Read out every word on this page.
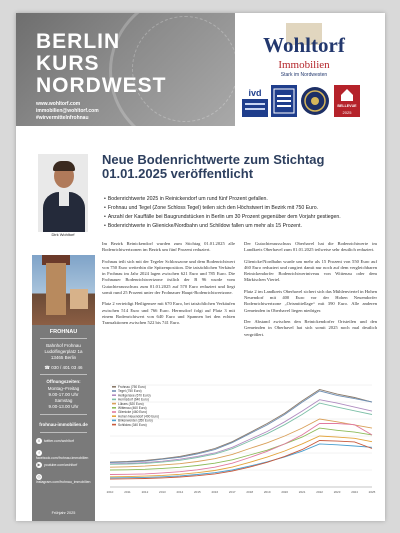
BERLIN
KURS
NORDWEST
www.wohltorf.com
immobilien@wohltorf.com
#wirvermittelnfrohnau
Wohltorf
Immobilien
Stark im Nordwesten
ivd
BELLEVUE
2025
Dirk Wohltorf
FROHNAU
Bahnhof Frohnau
Ludolfingerplatz 1a
13465 Berlin
☎ 030 / 401 03 46
Öffnungszeiten:
Montag–Freitag
9.00-17.00 Uhr
Samstag
9.00-13.00 Uhr
frohnau-immobilien.de
X twitter.com/wohltorf
ffacebook.com/frohnau.immobilien
▶ youtube.com/wohltorf
◎instagram.com/frohnau_immobilien
Frühjahr 2025
Neue Bodenrichtwerte zum Stichtag
01.01.2025 veröffentlicht
• Bodenrichtwerte 2025 in Reinickendorf um rund fünf Prozent gefallen.
• Frohnau und Tegel (Zone Schloss Tegel) teilen sich den Höchstwert im Bezirk mit 750 Euro.
• Anzahl der Kauffälle bei Baugrundstücken in Berlin um 30 Prozent gegenüber dem Vorjahr gestiegen.
• Bodenrichtwerte in Glienicke/Nordbahn und Schildow fallen um mehr als 15 Prozent.

Im Bezirk Reinickendorf wurden zum Stichtag 01.01.2025 alle Bodenrichtwertzonen im Bezirk um fünf Prozent reduziert.

Frohnau teilt sich mit der Tegeler Schlosszone und dem Bodenrichtwert von 750 Euro weiterhin die Spitzenposition. Die tatsächlichen Verkäufe in Frohnau im Jahr 2024 lagen zwischen 621 Euro und 785 Euro. Die Frohnauer Bodenrichtwertzone östlich der B 96 wurde vom Gutachterausschuss zum 01.01.2025 auf 570 Euro reduziert und liegt somit rund 25 Prozent unter der Frohnauer Haupt-Bodenrichtwertzone.

Platz 2 verteidigt Heiligensee mit 670 Euro, bei tatsächlichen Verkäufen zwischen 514 Euro und 766 Euro. Hermsdorf folgt auf Platz 3 mit einem Bodenrichtwert von 640 Euro und Spannen bei den echten Transaktionen zwischen 522 bis 741 Euro.

Der Gutachterausschuss Oberhavel hat die Bodenrichtwerte im Landkreis Oberhavel zum 01.01.2025 teilweise sehr deutlich reduziert.

Glienicke/Nordbahn wurde um mehr als 15 Prozent von 550 Euro auf 460 Euro reduziert und rangiert damit nur noch auf dem vergleichbaren Reinickendorfer Bodenrichtwertniveau von Wittenau oder dem Märkischen Viertel.

Platz 2 im Landkreis Oberhavel sichert sich das Mühlenviertel in Hohen Neuendorf mit 400 Euro vor der Hohen Neuendorfer Bodenrichtwertzone „Ortsmittellage“ mit 390 Euro. Alle anderen Gemeinden in Oberhavel liegen niedriger.

Der Abstand zwischen den Reinickendorfer Ortsteilen und den Gemeinden in Oberhavel hat sich somit 2025 noch mal deutlich vergrößert.

2010	2011	2012	2013	2014	2015	2016	2017	2018	2019	2020	2021	2022	2023	2024	2025
Frohnau (750 Euro)
Tegel (750 Euro)
Heiligensee (670 Euro)
Hermsdorf (640 Euro)
Lübars (520 Euro)
Wittenau (460 Euro)
Glienicke (460 Euro)
Hohen Neuendorf (400 Euro)
Birkenwerder (350 Euro)
Schildow (340 Euro)
